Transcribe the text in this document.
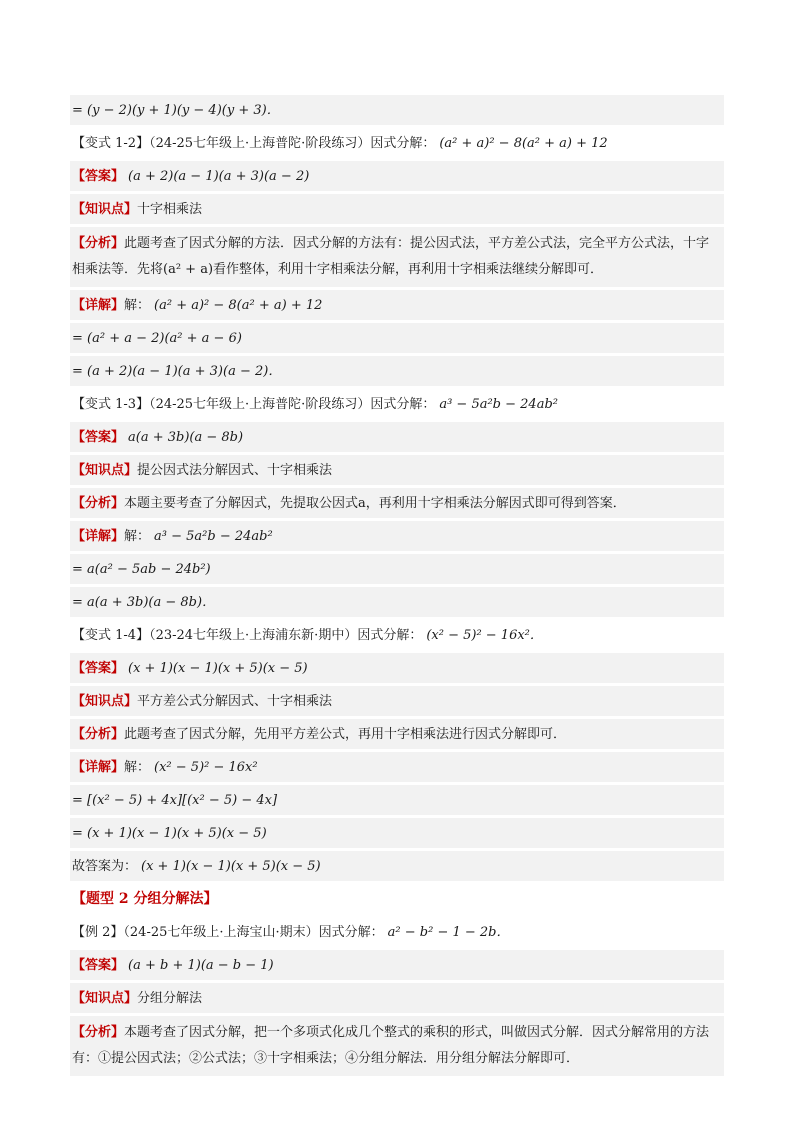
= (y − 2)(y + 1)(y − 4)(y + 3)．
【变式 1-2】（24-25七年级上·上海普陀·阶段练习）因式分解： (a² + a)² − 8(a² + a) + 12
【答案】 (a + 2)(a − 1)(a + 3)(a − 2)
【知识点】十字相乘法
【分析】此题考查了因式分解的方法．因式分解的方法有：提公因式法，平方差公式法，完全平方公式法，十字相乘法等．先将(a² + a)看作整体，利用十字相乘法分解，再利用十字相乘法继续分解即可．
【详解】解： (a² + a)² − 8(a² + a) + 12
= (a² + a − 2)(a² + a − 6)
= (a + 2)(a − 1)(a + 3)(a − 2)．
【变式 1-3】（24-25七年级上·上海普陀·阶段练习）因式分解： a³ − 5a²b − 24ab²
【答案】 a(a + 3b)(a − 8b)
【知识点】提公因式法分解因式、十字相乘法
【分析】本题主要考查了分解因式，先提取公因式a，再利用十字相乘法分解因式即可得到答案．
【详解】解： a³ − 5a²b − 24ab²
= a(a² − 5ab − 24b²)
= a(a + 3b)(a − 8b)．
【变式 1-4】（23-24七年级上·上海浦东新·期中）因式分解： (x² − 5)² − 16x²．
【答案】 (x + 1)(x − 1)(x + 5)(x − 5)
【知识点】平方差公式分解因式、十字相乘法
【分析】此题考查了因式分解，先用平方差公式，再用十字相乘法进行因式分解即可．
【详解】解： (x² − 5)² − 16x²
= [(x² − 5) + 4x][(x² − 5) − 4x]
= (x + 1)(x − 1)(x + 5)(x − 5)
故答案为： (x + 1)(x − 1)(x + 5)(x − 5)
【题型 2 分组分解法】
【例 2】（24-25七年级上·上海宝山·期末）因式分解： a² − b² − 1 − 2b．
【答案】 (a + b + 1)(a − b − 1)
【知识点】分组分解法
【分析】本题考查了因式分解，把一个多项式化成几个整式的乘积的形式，叫做因式分解．因式分解常用的方法有：①提公因式法；②公式法；③十字相乘法；④分组分解法．用分组分解法分解即可．
